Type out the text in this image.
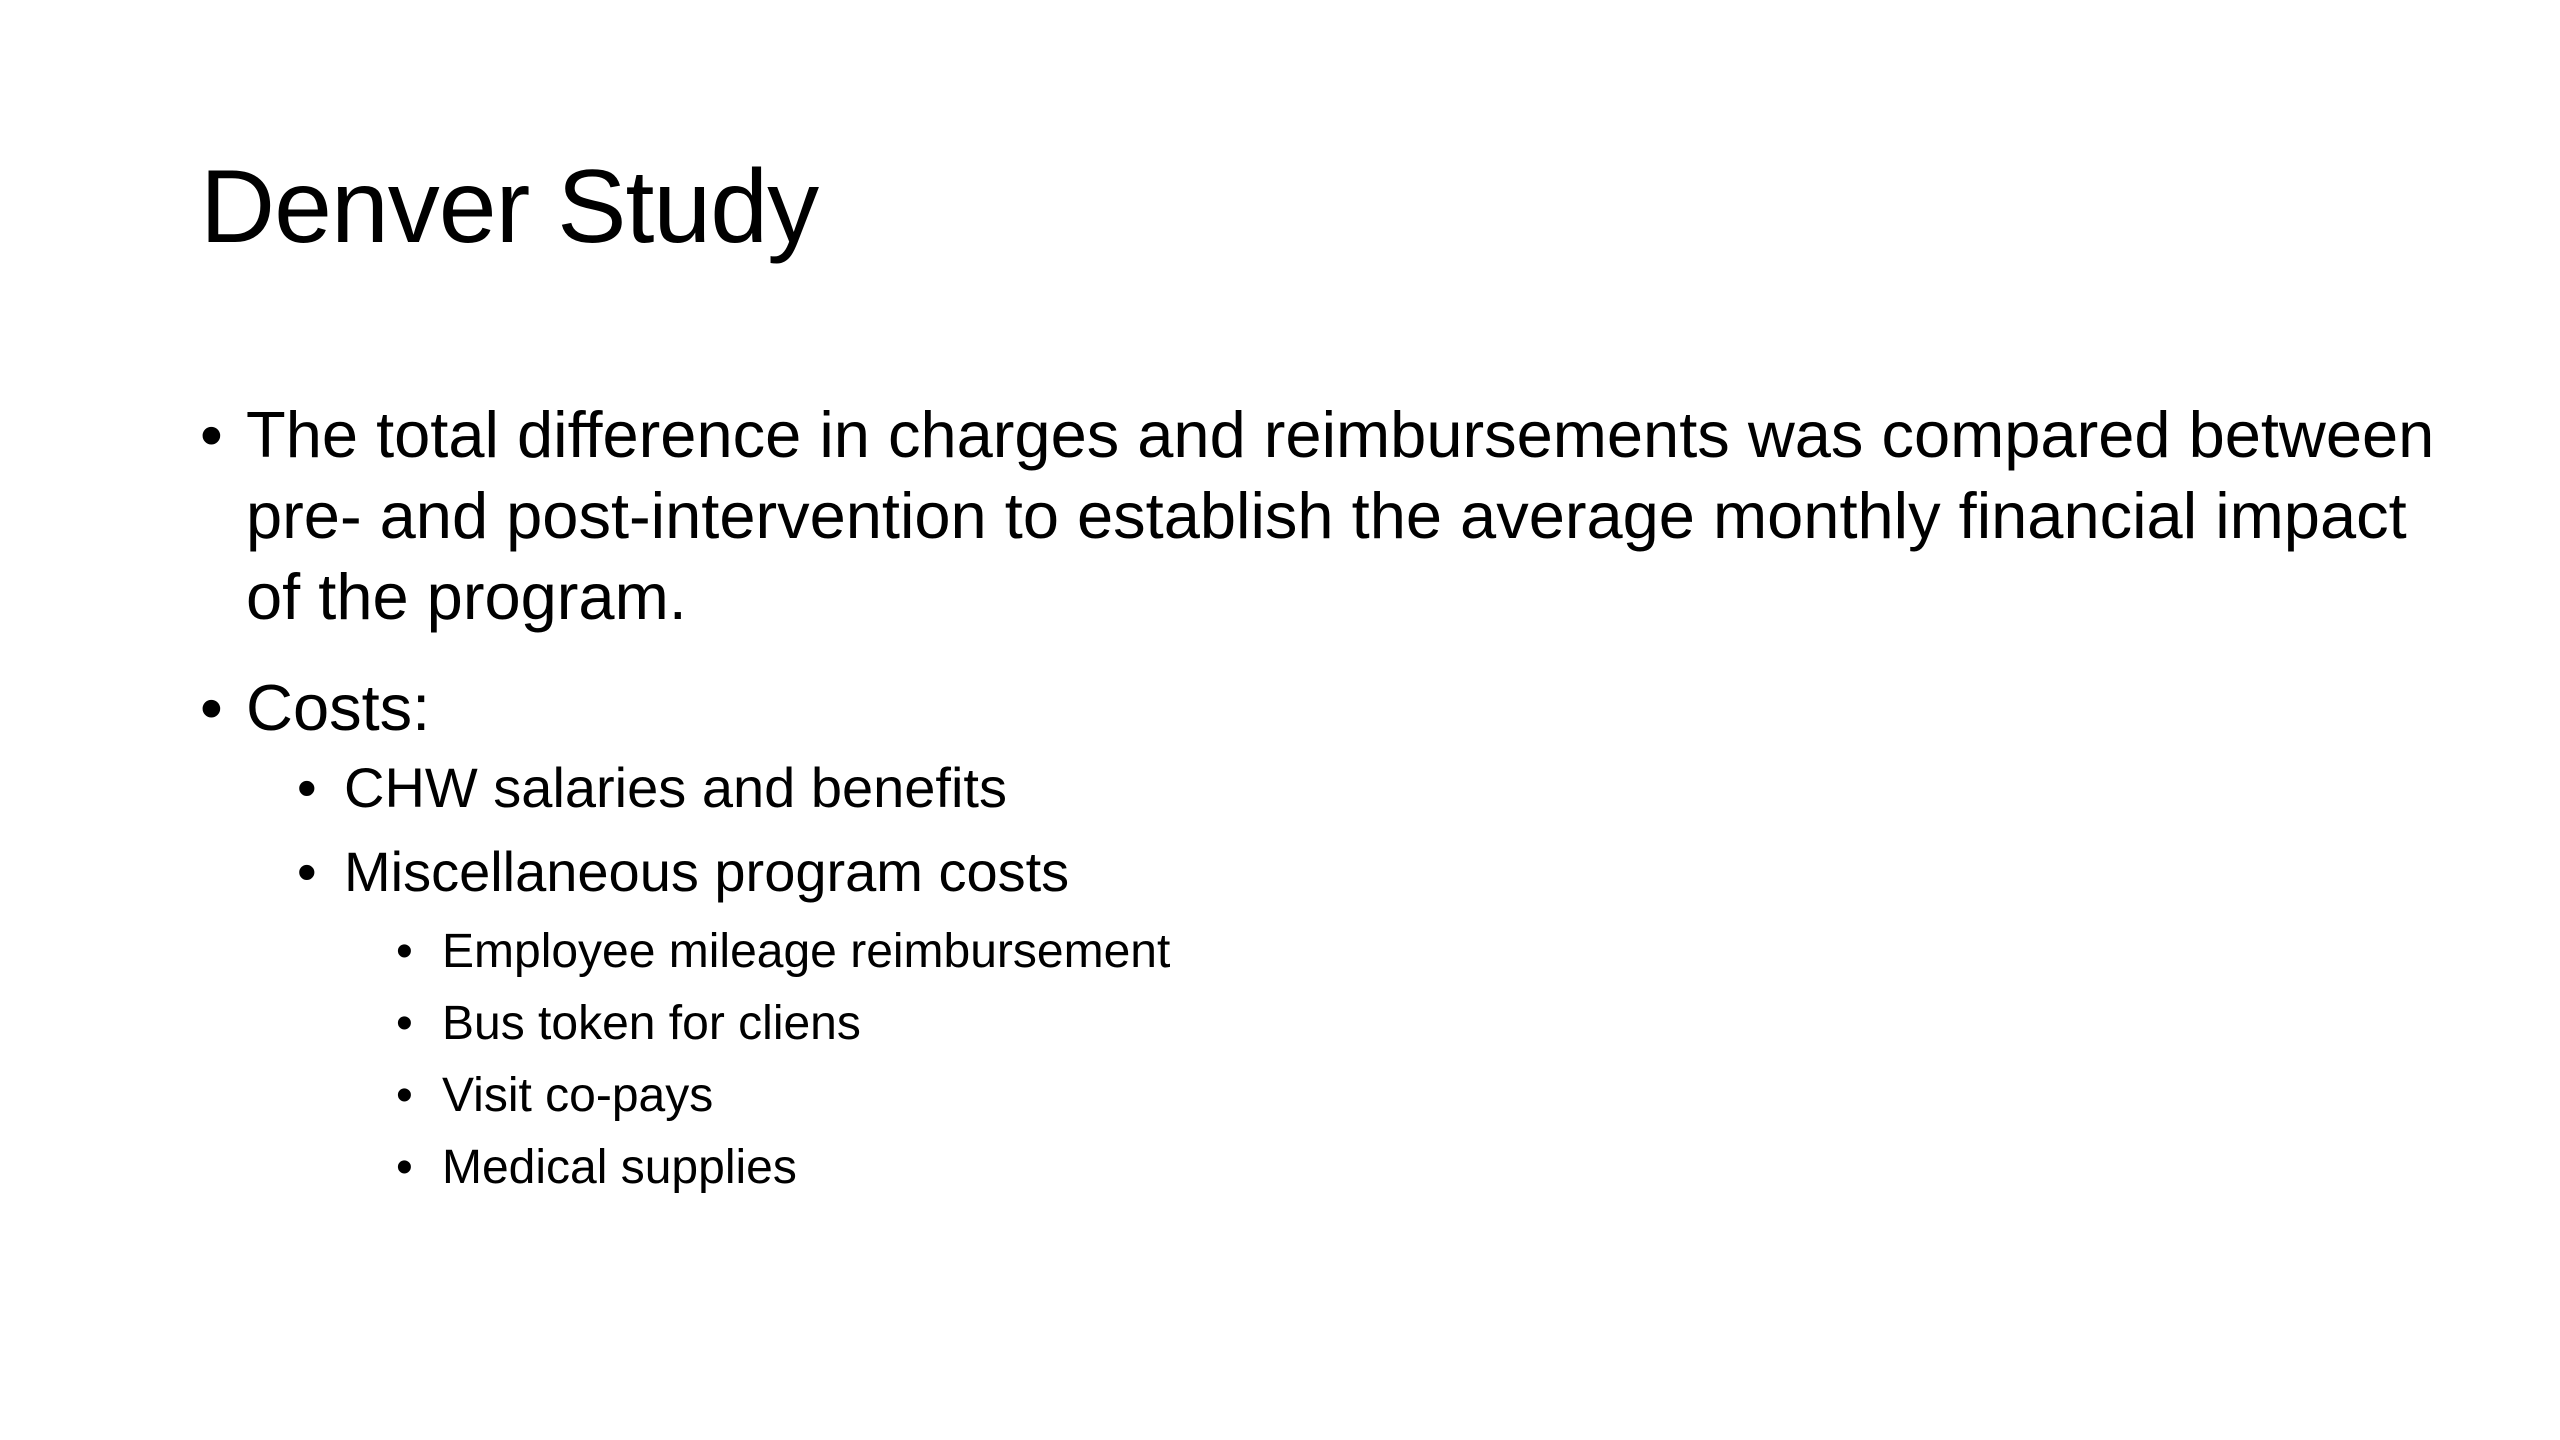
Denver Study
• The total difference in charges and reimbursements was compared between pre- and post-intervention to establish the average monthly financial impact of the program.
• Costs:
• CHW salaries and benefits
• Miscellaneous program costs
• Employee mileage reimbursement
• Bus token for cliens
• Visit co-pays
• Medical supplies
